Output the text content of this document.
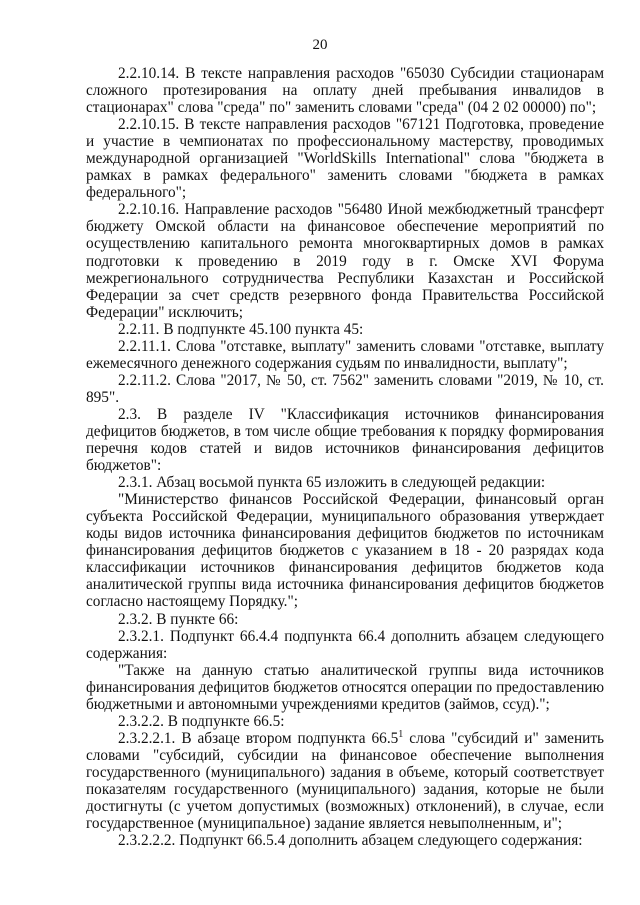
20

2.2.10.14. В тексте направления расходов "65030 Субсидии стационарам сложного протезирования на оплату дней пребывания инвалидов в стационарах" слова "среда" по" заменить словами "среда" (04 2 02 00000) по";

2.2.10.15. В тексте направления расходов "67121 Подготовка, проведение и участие в чемпионатах по профессиональному мастерству, проводимых международной организацией "WorldSkills International" слова "бюджета в рамках в рамках федерального" заменить словами "бюджета в рамках федерального";

2.2.10.16. Направление расходов "56480 Иной межбюджетный трансферт бюджету Омской области на финансовое обеспечение мероприятий по осуществлению капитального ремонта многоквартирных домов в рамках подготовки к проведению в 2019 году в г. Омске XVI Форума межрегионального сотрудничества Республики Казахстан и Российской Федерации за счет средств резервного фонда Правительства Российской Федерации" исключить;

2.2.11. В подпункте 45.100 пункта 45:

2.2.11.1. Слова "отставке, выплату" заменить словами "отставке, выплату ежемесячного денежного содержания судьям по инвалидности, выплату";

2.2.11.2. Слова "2017, № 50, ст. 7562" заменить словами "2019, № 10, ст. 895".

2.3. В разделе IV "Классификация источников финансирования дефицитов бюджетов, в том числе общие требования к порядку формирования перечня кодов статей и видов источников финансирования дефицитов бюджетов":

2.3.1. Абзац восьмой пункта 65 изложить в следующей редакции:

"Министерство финансов Российской Федерации, финансовый орган субъекта Российской Федерации, муниципального образования утверждает коды видов источника финансирования дефицитов бюджетов по источникам финансирования дефицитов бюджетов с указанием в 18 - 20 разрядах кода классификации источников финансирования дефицитов бюджетов кода аналитической группы вида источника финансирования дефицитов бюджетов согласно настоящему Порядку.";

2.3.2. В пункте 66:

2.3.2.1. Подпункт 66.4.4 подпункта 66.4 дополнить абзацем следующего содержания:

"Также на данную статью аналитической группы вида источников финансирования дефицитов бюджетов относятся операции по предоставлению бюджетными и автономными учреждениями кредитов (займов, ссуд).";

2.3.2.2. В подпункте 66.5:

2.3.2.2.1. В абзаце втором подпункта 66.5$^1$ слова "субсидий и" заменить словами "субсидий, субсидии на финансовое обеспечение выполнения государственного (муниципального) задания в объеме, который соответствует показателям государственного (муниципального) задания, которые не были достигнуты (с учетом допустимых (возможных) отклонений), в случае, если государственное (муниципальное) задание является невыполненным, и";

2.3.2.2.2. Подпункт 66.5.4 дополнить абзацем следующего содержания:
